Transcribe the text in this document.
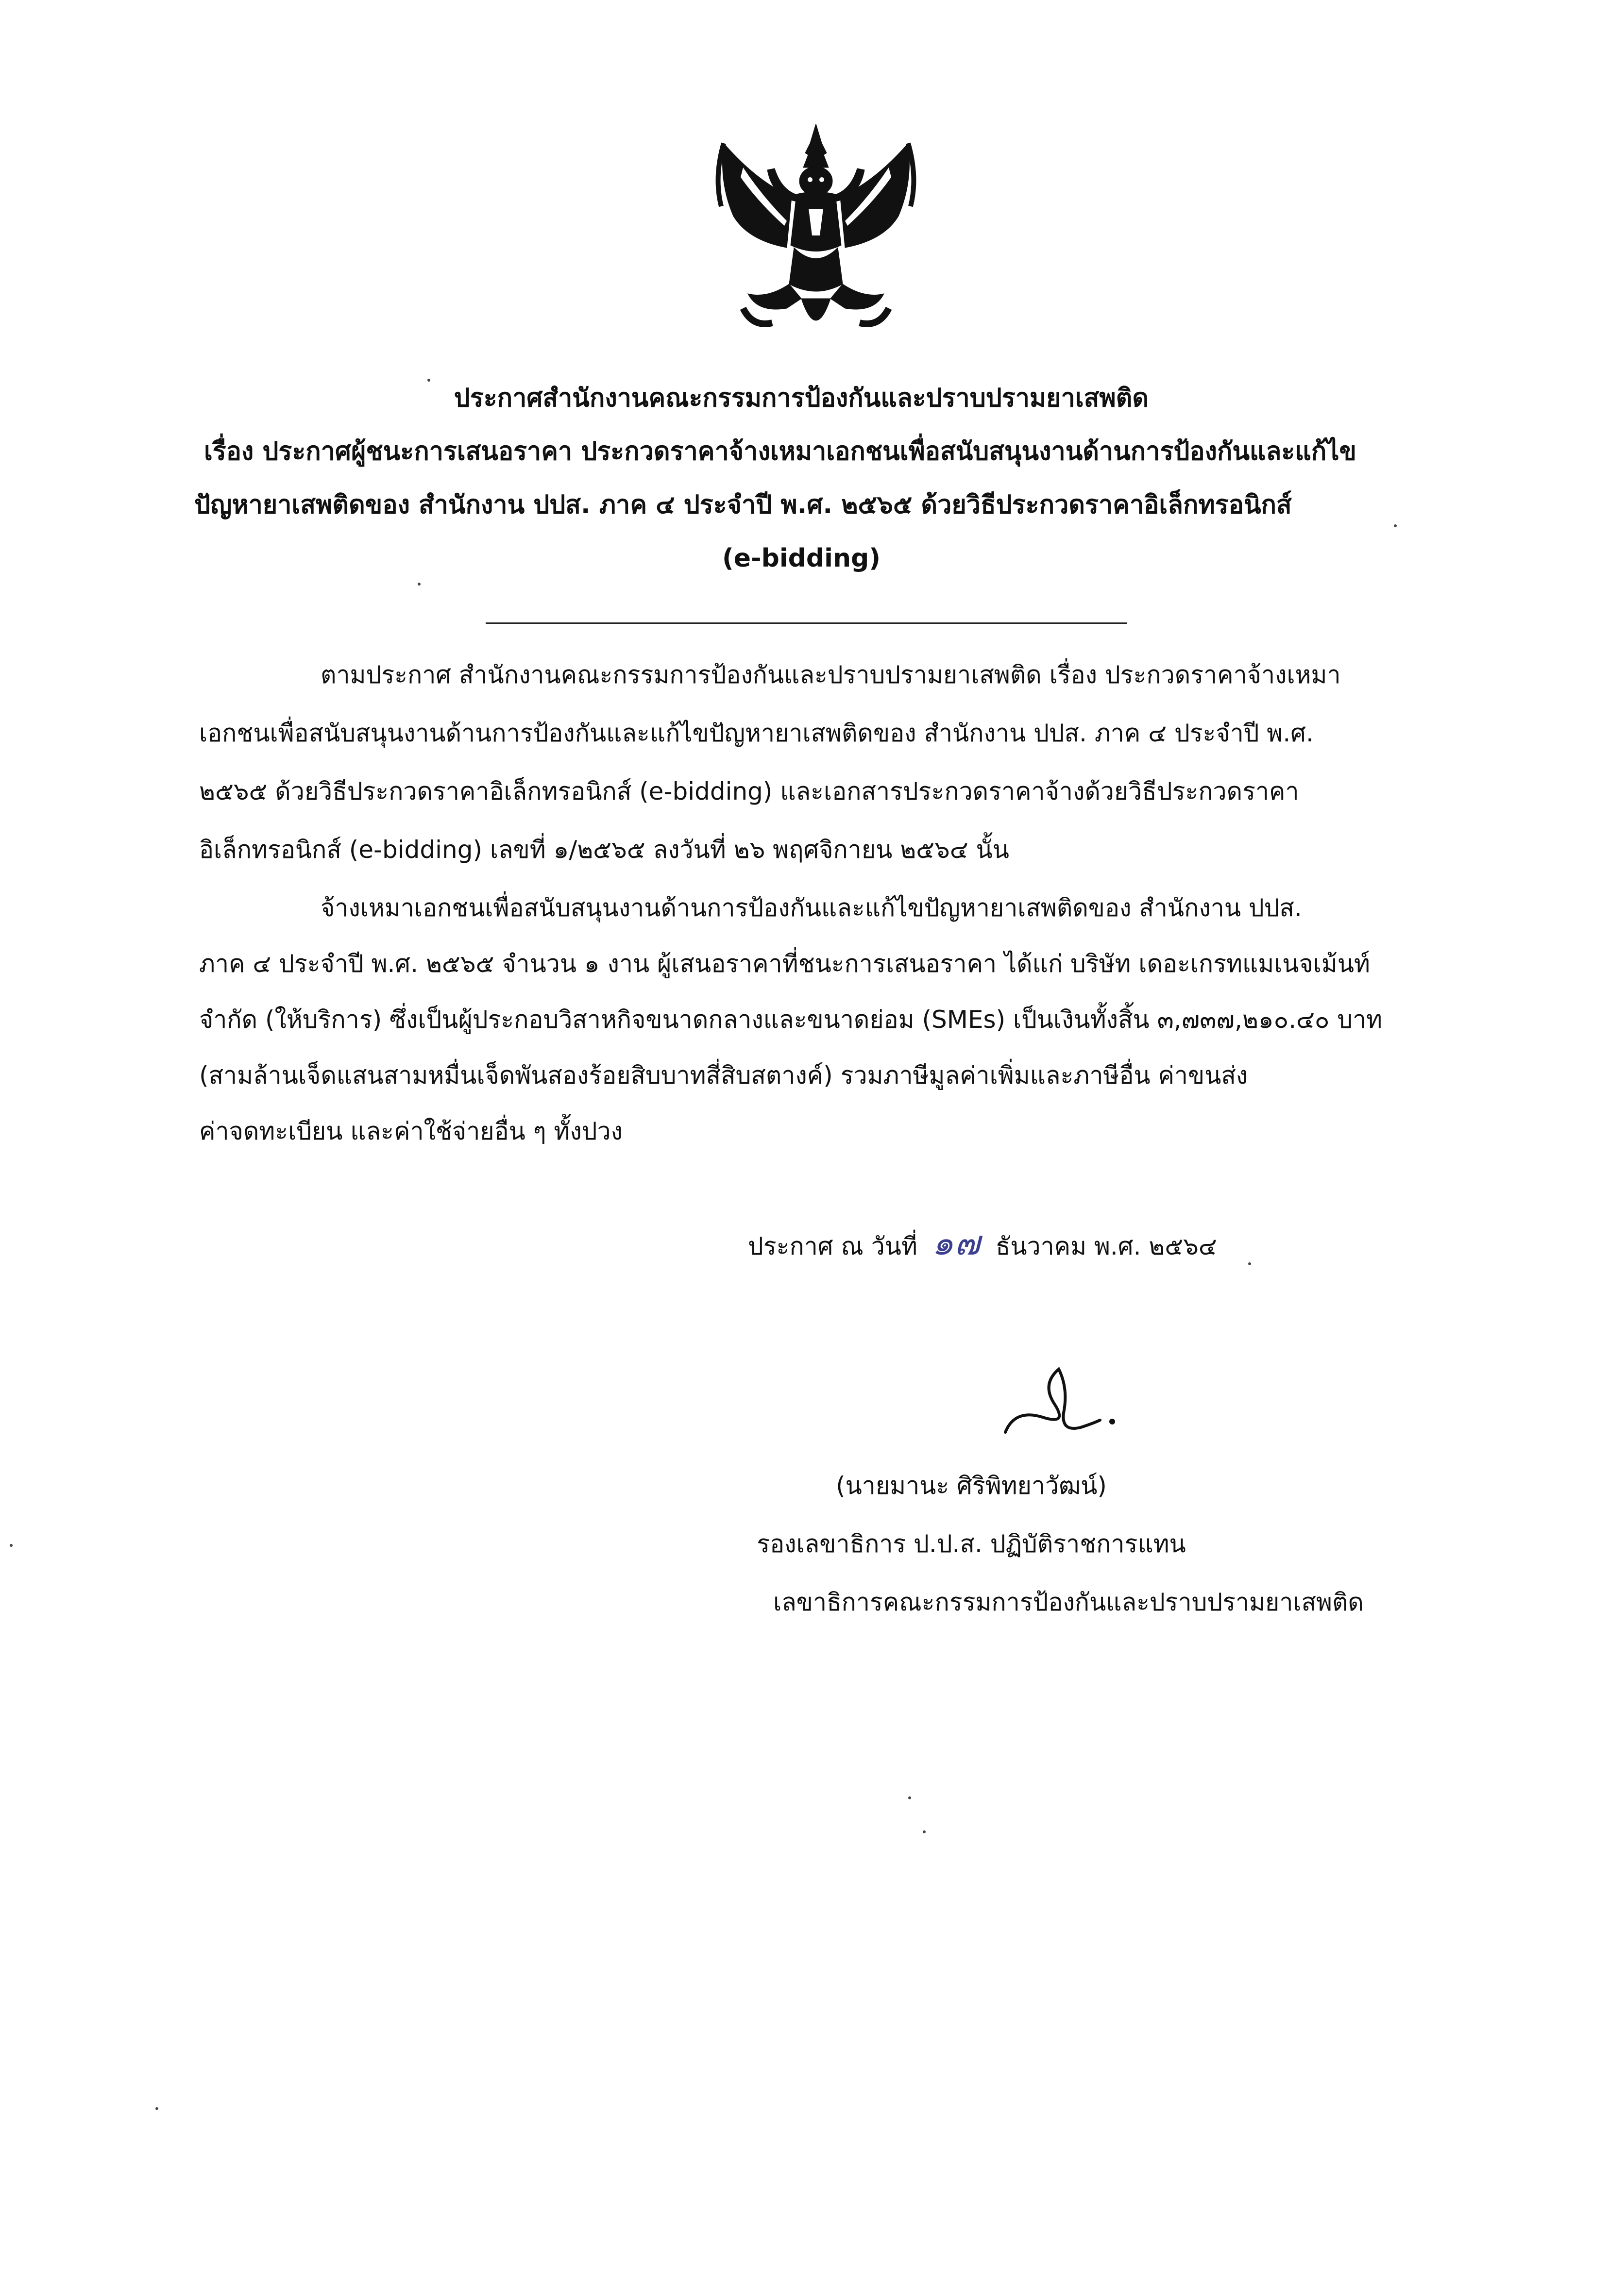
ประกาศสำนักงานคณะกรรมการป้องกันและปราบปรามยาเสพติด
เรื่อง ประกาศผู้ชนะการเสนอราคา ประกวดราคาจ้างเหมาเอกชนเพื่อสนับสนุนงานด้านการป้องกันและแก้ไข
ปัญหายาเสพติดของ สำนักงาน ปปส. ภาค ๔ ประจำปี พ.ศ. ๒๕๖๕ ด้วยวิธีประกวดราคาอิเล็กทรอนิกส์
(e-bidding)
ตามประกาศ สำนักงานคณะกรรมการป้องกันและปราบปรามยาเสพติด เรื่อง ประกวดราคาจ้างเหมา
เอกชนเพื่อสนับสนุนงานด้านการป้องกันและแก้ไขปัญหายาเสพติดของ สำนักงาน ปปส. ภาค ๔ ประจำปี พ.ศ.
๒๕๖๕ ด้วยวิธีประกวดราคาอิเล็กทรอนิกส์ (e-bidding) และเอกสารประกวดราคาจ้างด้วยวิธีประกวดราคา
อิเล็กทรอนิกส์ (e-bidding) เลขที่ ๑/๒๕๖๕ ลงวันที่ ๒๖ พฤศจิกายน ๒๕๖๔ นั้น
จ้างเหมาเอกชนเพื่อสนับสนุนงานด้านการป้องกันและแก้ไขปัญหายาเสพติดของ สำนักงาน ปปส.
ภาค ๔ ประจำปี พ.ศ. ๒๕๖๕ จำนวน ๑ งาน ผู้เสนอราคาที่ชนะการเสนอราคา ได้แก่ บริษัท เดอะเกรทแมเนจเม้นท์
จำกัด (ให้บริการ) ซึ่งเป็นผู้ประกอบวิสาหกิจขนาดกลางและขนาดย่อม (SMEs) เป็นเงินทั้งสิ้น ๓,๗๓๗,๒๑๐.๔๐ บาท
(สามล้านเจ็ดแสนสามหมื่นเจ็ดพันสองร้อยสิบบาทสี่สิบสตางค์) รวมภาษีมูลค่าเพิ่มและภาษีอื่น ค่าขนส่ง
ค่าจดทะเบียน และค่าใช้จ่ายอื่น ๆ ทั้งปวง
ประกาศ ณ วันที่ ๑๗ ธันวาคม พ.ศ. ๒๕๖๔
(นายมานะ ศิริพิทยาวัฒน์)
รองเลขาธิการ ป.ป.ส. ปฏิบัติราชการแทน
เลขาธิการคณะกรรมการป้องกันและปราบปรามยาเสพติด
